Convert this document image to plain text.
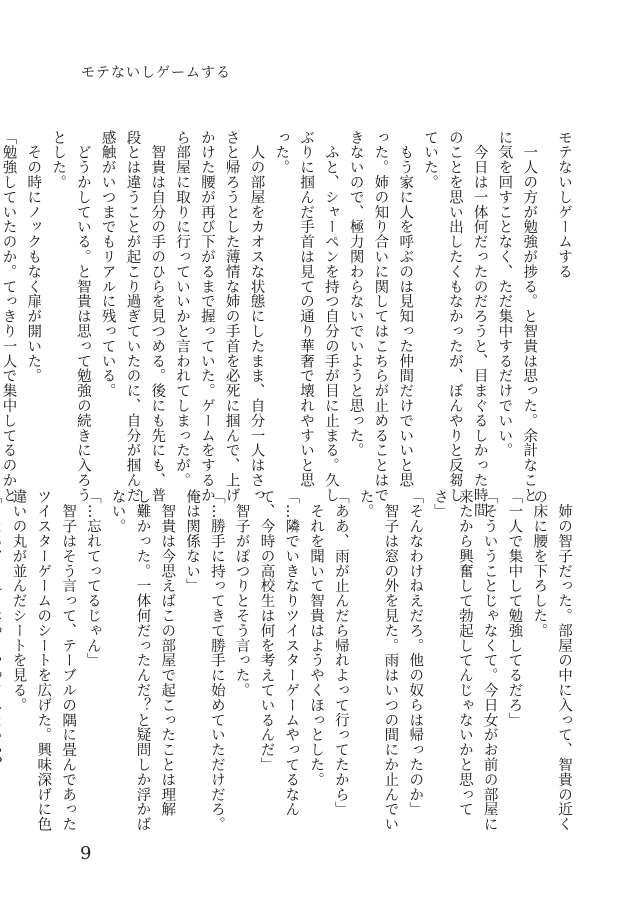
モテないしゲームする

モテないしゲームする

　一人の方が勉強が捗る。と智貴は思った。余計なこと

に気を回すことなく、ただ集中するだけでいい。

　今日は一体何だったのだろうと、目まぐるしかった時間

のことを思い出したくもなかったが、ぼんやりと反芻し

ていた。

　もう家に人を呼ぶのは見知った仲間だけでいいと思

った。姉の知り合いに関してはこちらが止めることはで

きないので、極力関わらないでいようと思った。

　ふと、シャーペンを持つ自分の手が目に止まる。久し

ぶりに掴んだ手首は見ての通り華奢で壊れやすいと思

った。

　人の部屋をカオスな状態にしたまま、自分一人はさっ

さと帰ろうとした薄情な姉の手首を必死に掴んで、上げ

かけた腰が再び下がるまで握っていた。ゲームをするか

ら部屋に取りに行っていいかと言われてしまったが。

　智貴は自分の手のひらを見つめる。後にも先にも、普

段とは違うことが起こり過ぎていたのに、自分が掴んだ

感触がいつまでもリアルに残っている。

　どうかしている。と智貴は思って勉強の続きに入ろう

とした。

　その時にノックもなく扉が開いた。

「勉強していたのか。てっきり一人で集中してるのかと

　姉の智子だった。部屋の中に入って、智貴の近く

の床に腰を下ろした。

「一人で集中して勉強してるだろ」

「そういうことじゃなくて。今日女がお前の部屋に

来たから興奮して勃起してんじゃないかと思って

さ」

「そんなわけねえだろ。他の奴らは帰ったのか」

　智子は窓の外を見た。雨はいつの間にか止んでい

た。

「ああ、雨が止んだら帰れよって行ってたから」

　それを聞いて智貴はようやくほっとした。

「…隣でいきなりツイスターゲームやってるなん

て、今時の高校生は何を考えているんだ」

　智子がぽつりとそう言った。

「…勝手に持ってきて勝手に始めていただけだろ。

俺は関係ない」

　智貴は今思えばこの部屋で起こったことは理解

し難かった。一体何だったんだ？と疑問しか浮かば

ない。

「…忘れてってるじゃん」

　智子はそう言って、テーブルの隅に畳んであった

ツイスターゲームのシートを広げた。興味深げに色

違いの丸が並んだシートを見る。

9
